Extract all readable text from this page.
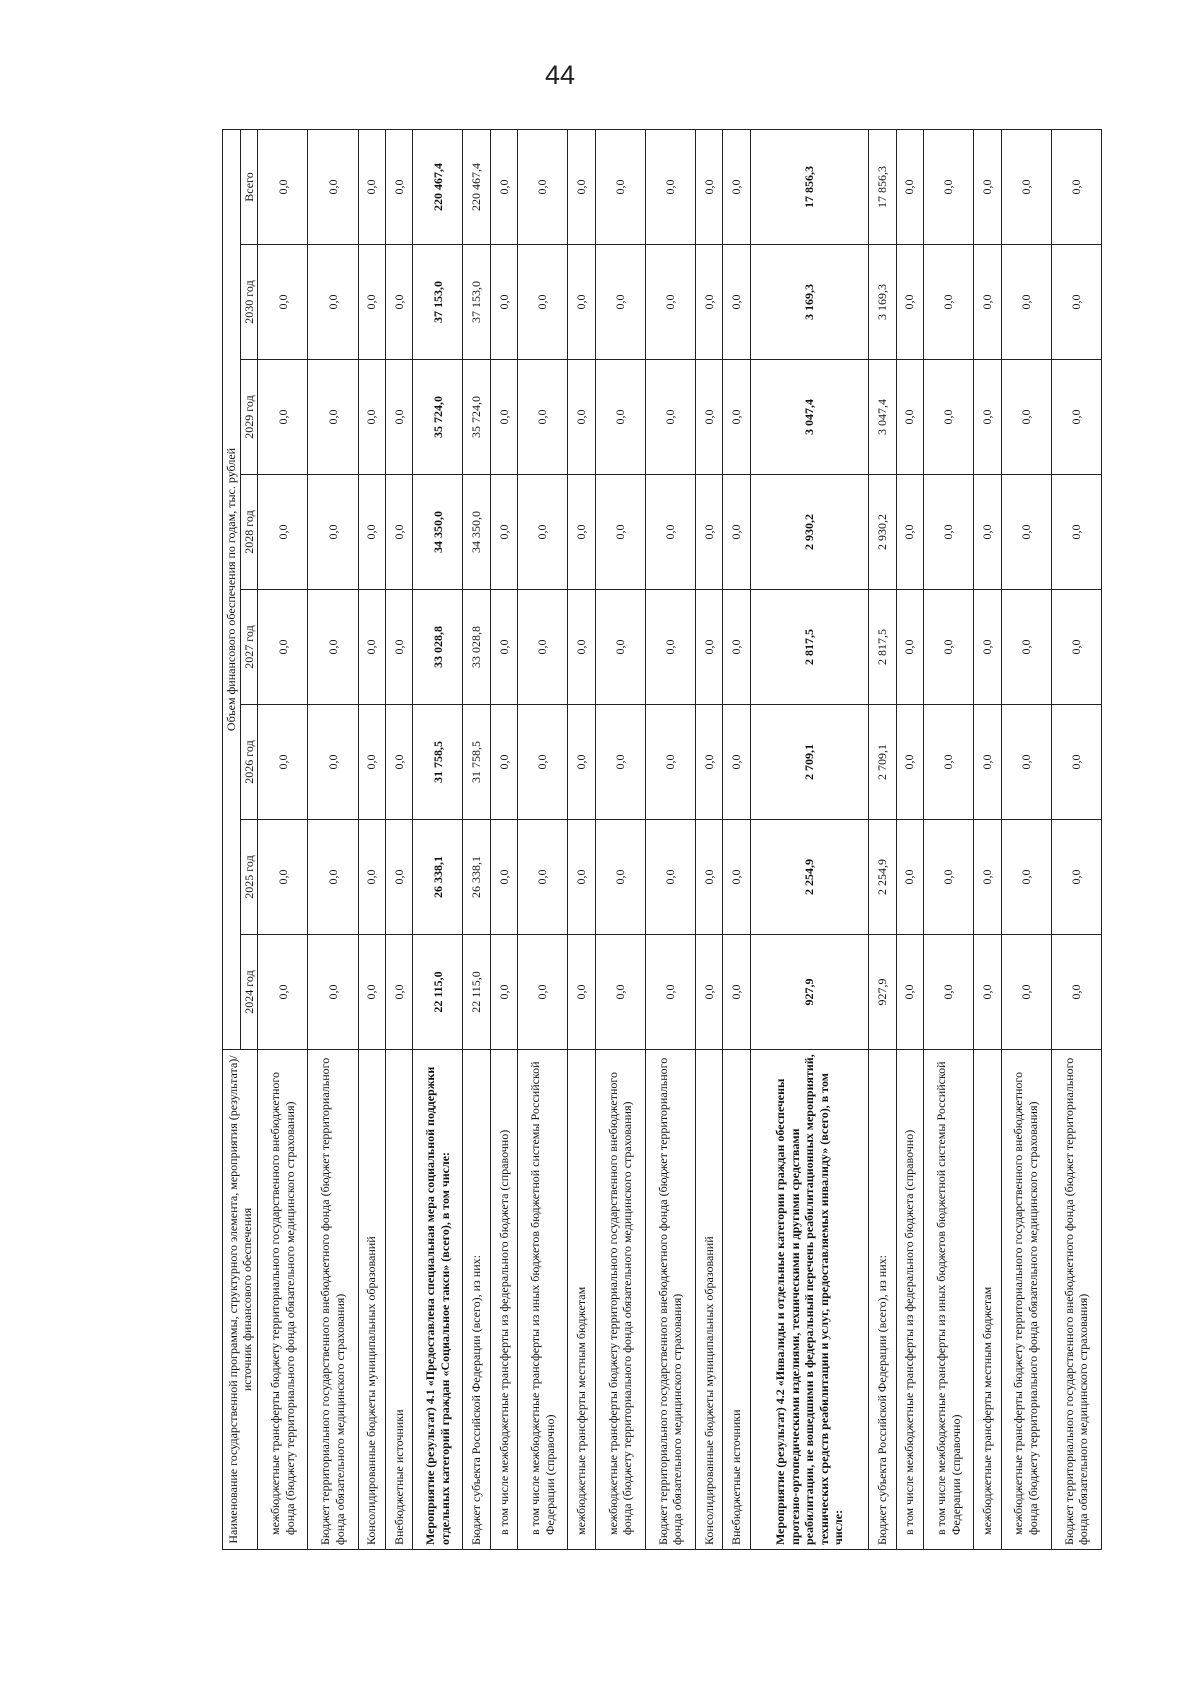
44
Наименование государственной программы, структурного элемента, мероприятия (результата)/источник финансового обеспечения	Объем финансового обеспечения по годам, тыс. рублей							
	2024 год	2025 год	2026 год	2027 год	2028 год	2029 год	2030 год	Всего
межбюджетные трансферты бюджету территориального государственного внебюджетного фонда (бюджету территориального фонда обязательного медицинского страхования)	0,0	0,0	0,0	0,0	0,0	0,0	0,0	0,0
Бюджет территориального государственного внебюджетного фонда (бюджет территориального фонда обязательного медицинского страхования)	0,0	0,0	0,0	0,0	0,0	0,0	0,0	0,0
Консолидированные бюджеты муниципальных образований	0,0	0,0	0,0	0,0	0,0	0,0	0,0	0,0
Внебюджетные источники	0,0	0,0	0,0	0,0	0,0	0,0	0,0	0,0
Мероприятие (результат) 4.1 «Предоставлена специальная мера социальной поддержки отдельных категорий граждан «Социальное такси» (всего), в том числе:	22 115,0	26 338,1	31 758,5	33 028,8	34 350,0	35 724,0	37 153,0	220 467,4
Бюджет субъекта Российской Федерации (всего), из них:	22 115,0	26 338,1	31 758,5	33 028,8	34 350,0	35 724,0	37 153,0	220 467,4
в том числе межбюджетные трансферты из федерального бюджета (справочно)	0,0	0,0	0,0	0,0	0,0	0,0	0,0	0,0
в том числе межбюджетные трансферты из иных бюджетов бюджетной системы Российской Федерации (справочно)	0,0	0,0	0,0	0,0	0,0	0,0	0,0	0,0
межбюджетные трансферты местным бюджетам	0,0	0,0	0,0	0,0	0,0	0,0	0,0	0,0
межбюджетные трансферты бюджету территориального государственного внебюджетного фонда (бюджету территориального фонда обязательного медицинского страхования)	0,0	0,0	0,0	0,0	0,0	0,0	0,0	0,0
Бюджет территориального государственного внебюджетного фонда (бюджет территориального фонда обязательного медицинского страхования)	0,0	0,0	0,0	0,0	0,0	0,0	0,0	0,0
Консолидированные бюджеты муниципальных образований	0,0	0,0	0,0	0,0	0,0	0,0	0,0	0,0
Внебюджетные источники	0,0	0,0	0,0	0,0	0,0	0,0	0,0	0,0
Мероприятие (результат) 4.2 «Инвалиды и отдельные категории граждан обеспечены протезно-ортопедическими изделиями, техническими и другими средствами реабилитации, не вошедшими в федеральный перечень реабилитационных мероприятий, технических средств реабилитации и услуг, предоставляемых инвалиду» (всего), в том числе:	927,9	2 254,9	2 709,1	2 817,5	2 930,2	3 047,4	3 169,3	17 856,3
Бюджет субъекта Российской Федерации (всего), из них:	927,9	2 254,9	2 709,1	2 817,5	2 930,2	3 047,4	3 169,3	17 856,3
в том числе межбюджетные трансферты из федерального бюджета (справочно)	0,0	0,0	0,0	0,0	0,0	0,0	0,0	0,0
в том числе межбюджетные трансферты из иных бюджетов бюджетной системы Российской Федерации (справочно)	0,0	0,0	0,0	0,0	0,0	0,0	0,0	0,0
межбюджетные трансферты местным бюджетам	0,0	0,0	0,0	0,0	0,0	0,0	0,0	0,0
межбюджетные трансферты бюджету территориального государственного внебюджетного фонда (бюджету территориального фонда обязательного медицинского страхования)	0,0	0,0	0,0	0,0	0,0	0,0	0,0	0,0
Бюджет территориального государственного внебюджетного фонда (бюджет территориального фонда обязательного медицинского страхования)	0,0	0,0	0,0	0,0	0,0	0,0	0,0	0,0
